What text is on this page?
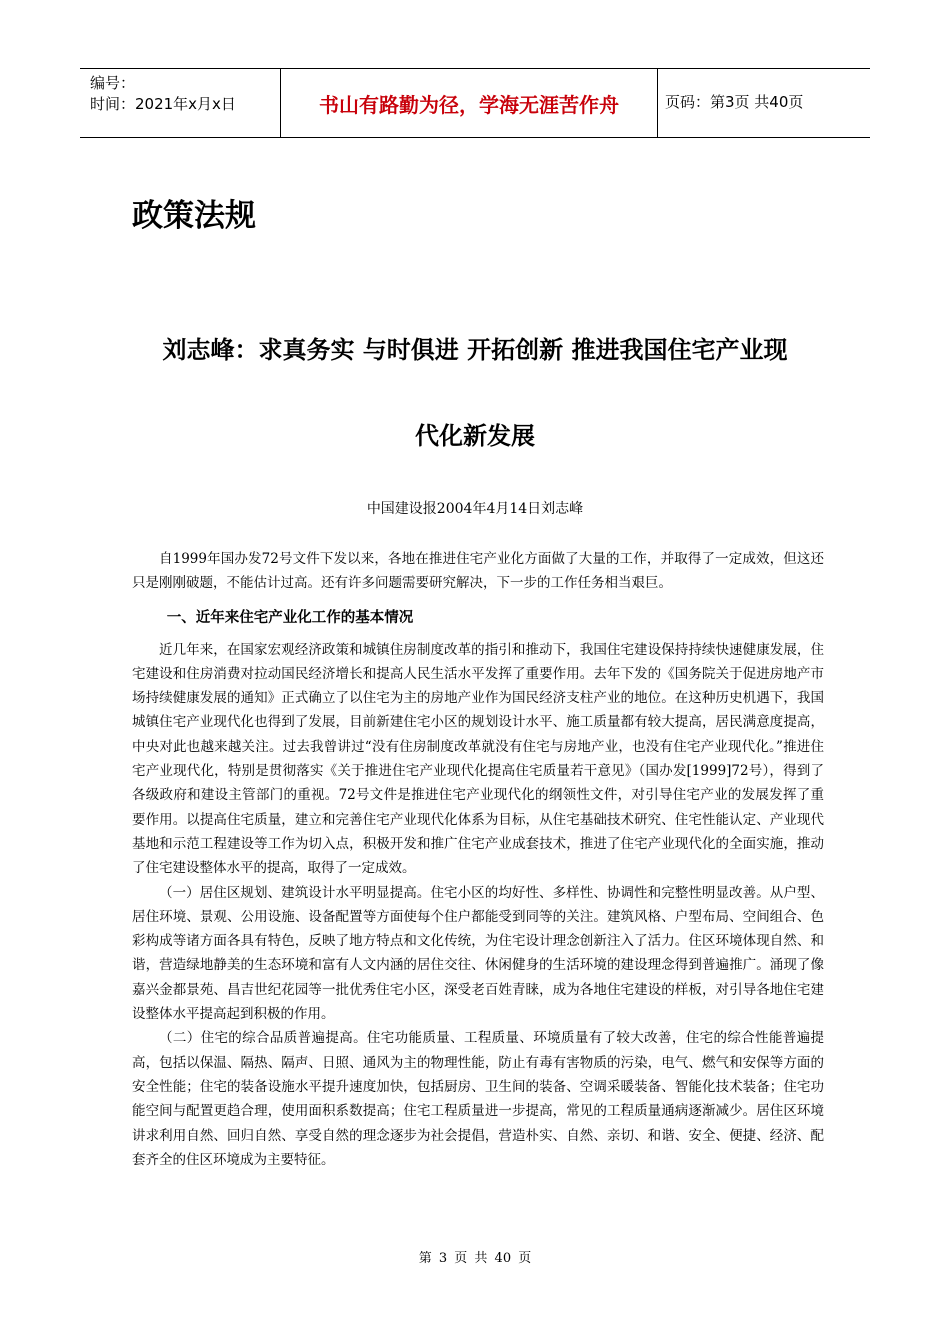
编号：
时间：2021年x月x日	书山有路勤为径，学海无涯苦作舟	页码：第3页 共40页
政策法规
刘志峰：求真务实 与时俱进 开拓创新 推进我国住宅产业现
代化新发展
中国建设报2004年4月14日刘志峰

自1999年国办发72号文件下发以来，各地在推进住宅产业化方面做了大量的工作，并取得了一定成效，但这还只是刚刚破题，不能估计过高。还有许多问题需要研究解决，下一步的工作任务相当艰巨。

一、近年来住宅产业化工作的基本情况

近几年来，在国家宏观经济政策和城镇住房制度改革的指引和推动下，我国住宅建设保持持续快速健康发展，住宅建设和住房消费对拉动国民经济增长和提高人民生活水平发挥了重要作用。去年下发的《国务院关于促进房地产市场持续健康发展的通知》正式确立了以住宅为主的房地产业作为国民经济支柱产业的地位。在这种历史机遇下，我国城镇住宅产业现代化也得到了发展，目前新建住宅小区的规划设计水平、施工质量都有较大提高，居民满意度提高，中央对此也越来越关注。过去我曾讲过“没有住房制度改革就没有住宅与房地产业，也没有住宅产业现代化。”推进住宅产业现代化，特别是贯彻落实《关于推进住宅产业现代化提高住宅质量若干意见》（国办发[1999]72号），得到了各级政府和建设主管部门的重视。72号文件是推进住宅产业现代化的纲领性文件，对引导住宅产业的发展发挥了重要作用。以提高住宅质量，建立和完善住宅产业现代化体系为目标，从住宅基础技术研究、住宅性能认定、产业现代基地和示范工程建设等工作为切入点，积极开发和推广住宅产业成套技术，推进了住宅产业现代化的全面实施，推动了住宅建设整体水平的提高，取得了一定成效。

（一）居住区规划、建筑设计水平明显提高。住宅小区的均好性、多样性、协调性和完整性明显改善。从户型、居住环境、景观、公用设施、设备配置等方面使每个住户都能受到同等的关注。建筑风格、户型布局、空间组合、色彩构成等诸方面各具有特色，反映了地方特点和文化传统，为住宅设计理念创新注入了活力。住区环境体现自然、和谐，营造绿地静美的生态环境和富有人文内涵的居住交往、休闲健身的生活环境的建设理念得到普遍推广。涌现了像嘉兴金都景苑、昌吉世纪花园等一批优秀住宅小区，深受老百姓青睐，成为各地住宅建设的样板，对引导各地住宅建设整体水平提高起到积极的作用。

（二）住宅的综合品质普遍提高。住宅功能质量、工程质量、环境质量有了较大改善，住宅的综合性能普遍提高，包括以保温、隔热、隔声、日照、通风为主的物理性能，防止有毒有害物质的污染，电气、燃气和安保等方面的安全性能；住宅的装备设施水平提升速度加快，包括厨房、卫生间的装备、空调采暖装备、智能化技术装备；住宅功能空间与配置更趋合理，使用面积系数提高；住宅工程质量进一步提高，常见的工程质量通病逐渐减少。居住区环境讲求利用自然、回归自然、享受自然的理念逐步为社会提倡，营造朴实、自然、亲切、和谐、安全、便捷、经济、配套齐全的住区环境成为主要特征。

第 3 页 共 40 页
